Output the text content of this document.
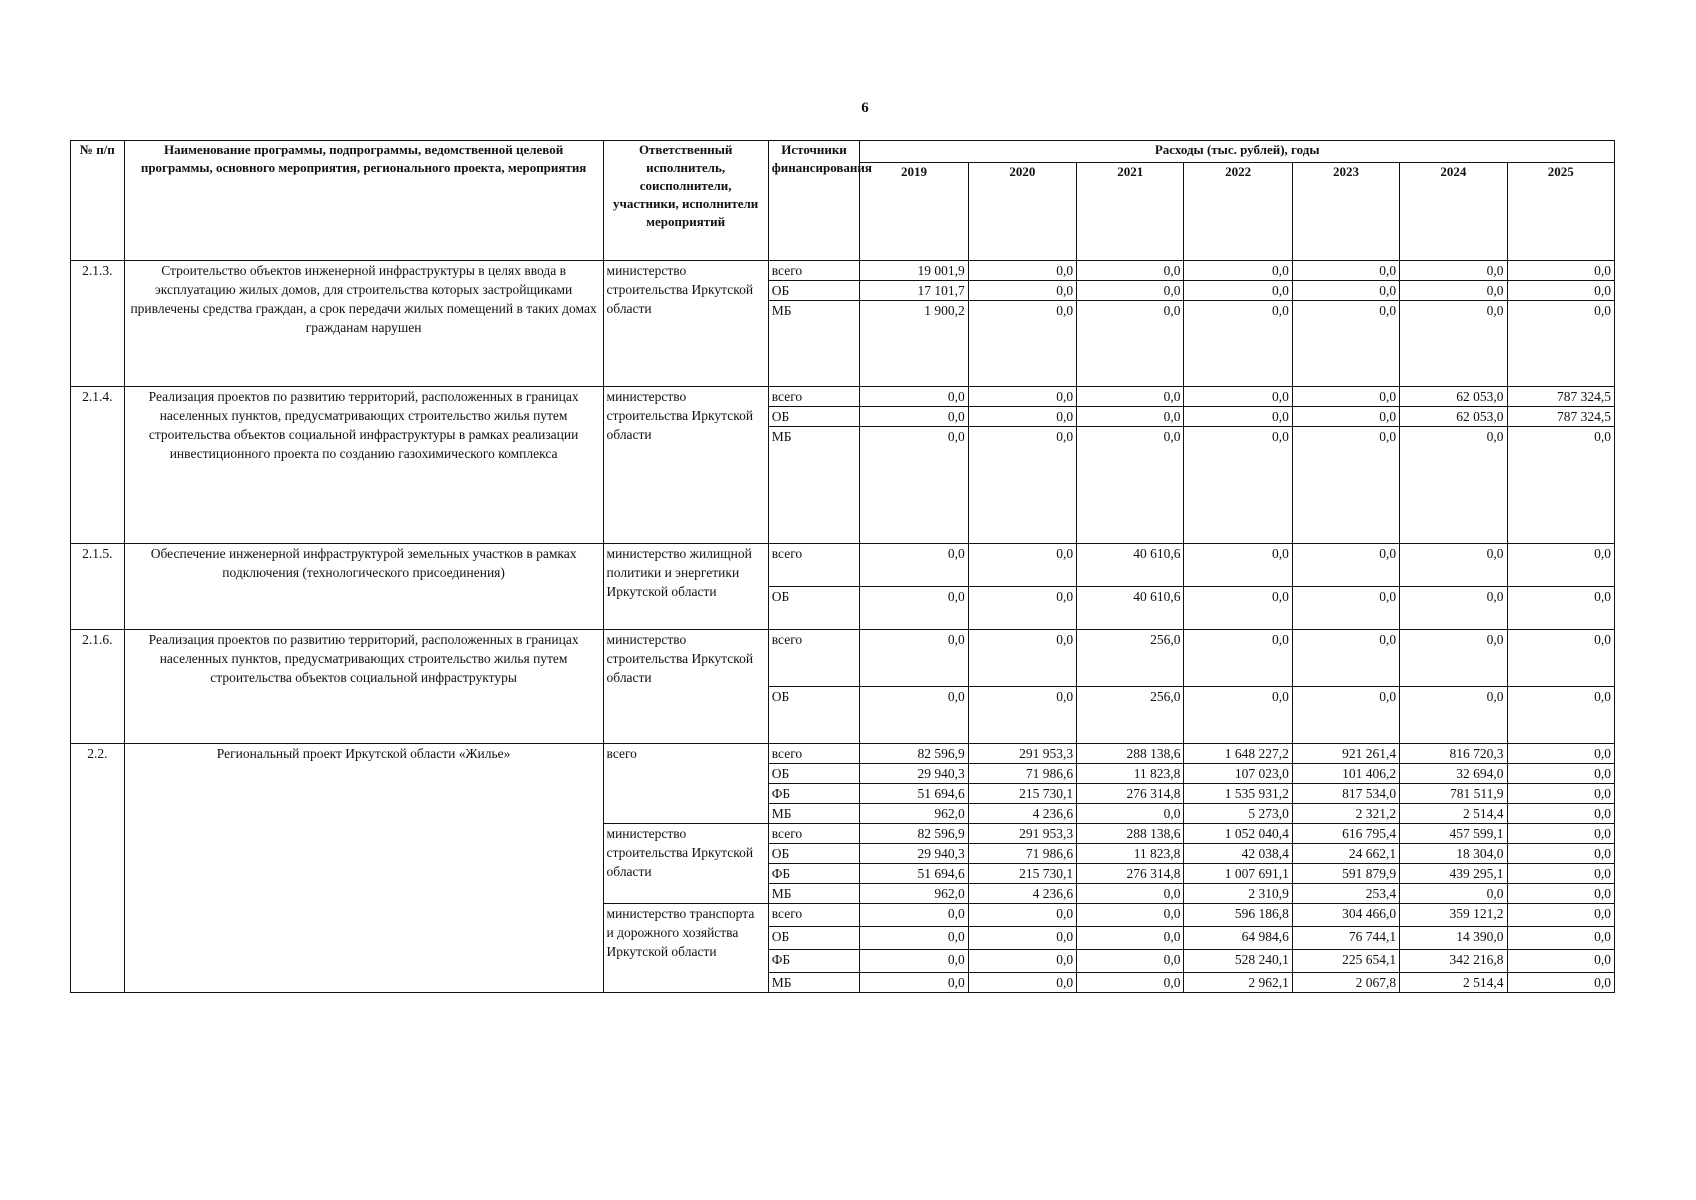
6
№ п/п	Наименование программы, подпрограммы, ведомственной целевой программы, основного мероприятия, регионального проекта, мероприятия	Ответственный исполнитель, соисполнители, участники, исполнители мероприятий	Источники финансирования	Расходы (тыс. рублей), годы						
				2019	2020	2021	2022	2023	2024	2025
2.1.3.	Строительство объектов инженерной инфраструктуры в целях ввода в эксплуатацию жилых домов, для строительства которых застройщиками привлечены средства граждан, а срок передачи жилых помещений в таких домах гражданам нарушен	министерство строительства Иркутской области	всего	19 001,9	0,0	0,0	0,0	0,0	0,0	0,0
			ОБ	17 101,7	0,0	0,0	0,0	0,0	0,0	0,0
			МБ	1 900,2	0,0	0,0	0,0	0,0	0,0	0,0
2.1.4.	Реализация проектов по развитию территорий, расположенных в границах населенных пунктов, предусматривающих строительство жилья путем строительства объектов социальной инфраструктуры в рамках реализации инвестиционного проекта по созданию газохимического комплекса	министерство строительства Иркутской области	всего	0,0	0,0	0,0	0,0	0,0	62 053,0	787 324,5
			ОБ	0,0	0,0	0,0	0,0	0,0	62 053,0	787 324,5
			МБ	0,0	0,0	0,0	0,0	0,0	0,0	0,0
2.1.5.	Обеспечение инженерной инфраструктурой земельных участков в рамках подключения (технологического присоединения)	министерство жилищной политики и энергетики Иркутской области	всего	0,0	0,0	40 610,6	0,0	0,0	0,0	0,0
			ОБ	0,0	0,0	40 610,6	0,0	0,0	0,0	0,0
2.1.6.	Реализация проектов по развитию территорий, расположенных в границах населенных пунктов, предусматривающих строительство жилья путем строительства объектов социальной инфраструктуры	министерство строительства Иркутской области	всего	0,0	0,0	256,0	0,0	0,0	0,0	0,0
			ОБ	0,0	0,0	256,0	0,0	0,0	0,0	0,0
2.2.	Региональный проект Иркутской области «Жилье»	всего	всего	82 596,9	291 953,3	288 138,6	1 648 227,2	921 261,4	816 720,3	0,0
			ОБ	29 940,3	71 986,6	11 823,8	107 023,0	101 406,2	32 694,0	0,0
			ФБ	51 694,6	215 730,1	276 314,8	1 535 931,2	817 534,0	781 511,9	0,0
			МБ	962,0	4 236,6	0,0	5 273,0	2 321,2	2 514,4	0,0
		министерство строительства Иркутской области	всего	82 596,9	291 953,3	288 138,6	1 052 040,4	616 795,4	457 599,1	0,0
			ОБ	29 940,3	71 986,6	11 823,8	42 038,4	24 662,1	18 304,0	0,0
			ФБ	51 694,6	215 730,1	276 314,8	1 007 691,1	591 879,9	439 295,1	0,0
			МБ	962,0	4 236,6	0,0	2 310,9	253,4	0,0	0,0
		министерство транспорта и дорожного хозяйства Иркутской области	всего	0,0	0,0	0,0	596 186,8	304 466,0	359 121,2	0,0
			ОБ	0,0	0,0	0,0	64 984,6	76 744,1	14 390,0	0,0
			ФБ	0,0	0,0	0,0	528 240,1	225 654,1	342 216,8	0,0
			МБ	0,0	0,0	0,0	2 962,1	2 067,8	2 514,4	0,0
